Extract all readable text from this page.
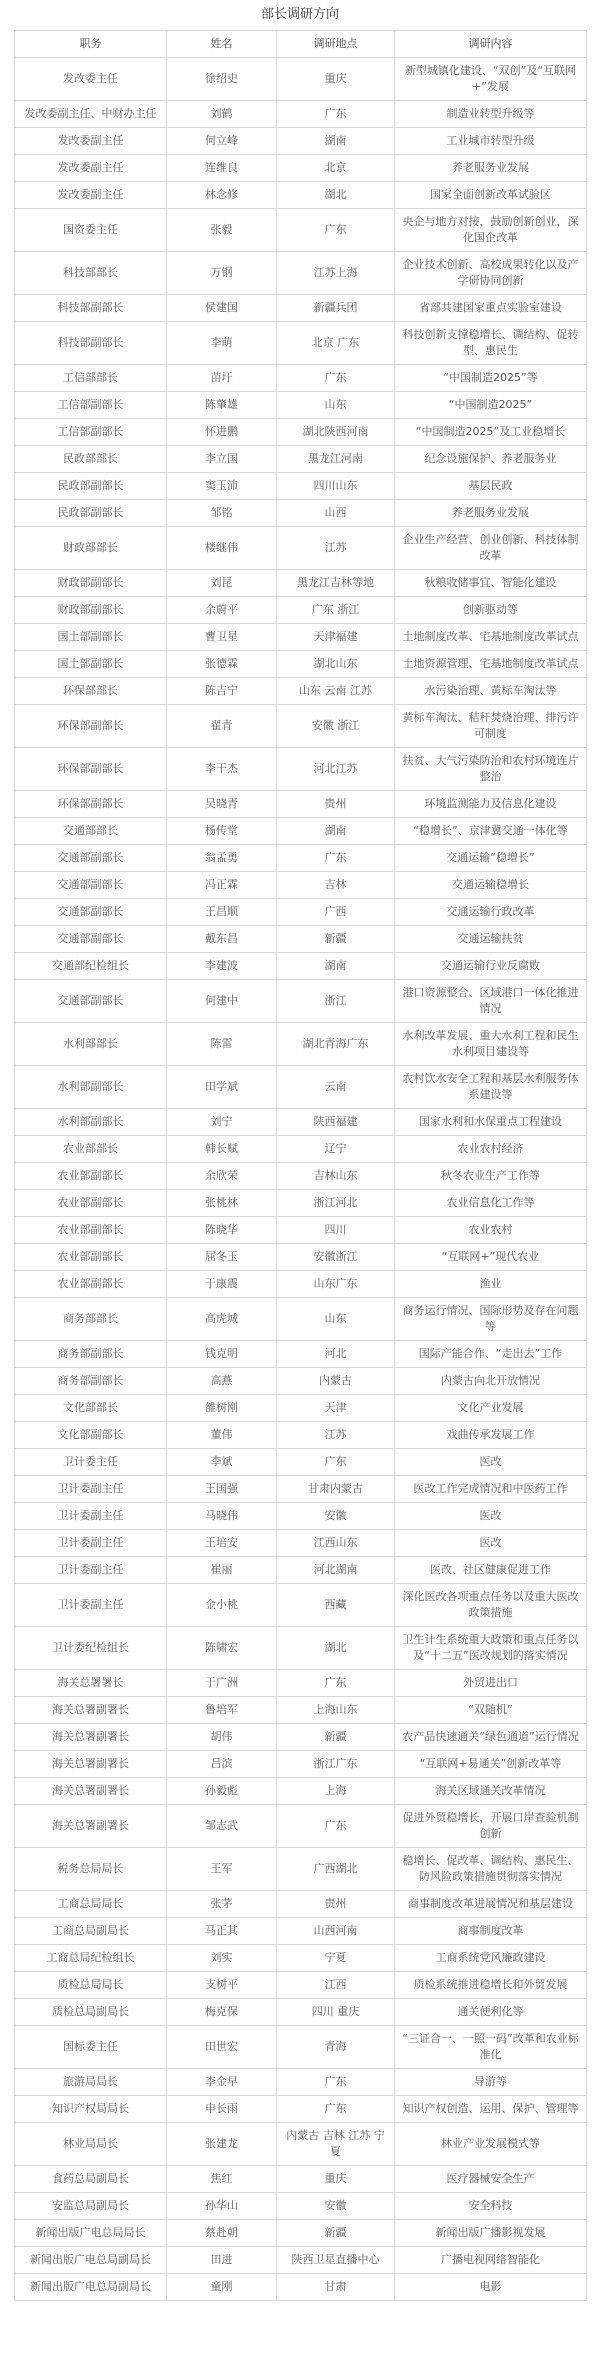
部长调研方向
职务	姓名	调研地点	调研内容
发改委主任	徐绍史	重庆	新型城镇化建设、“双创”及“互联网+”发展
发改委副主任、中财办主任	刘鹤	广东	制造业转型升级等
发改委副主任	何立峰	湖南	工业城市转型升级
发改委副主任	连维良	北京	养老服务业发展
发改委副主任	林念修	湖北	国家全面创新改革试验区
国资委主任	张毅	广东	央企与地方对接，鼓励创新创业，深化国企改革
科技部部长	万钢	江苏上海	企业技术创新、高校成果转化以及产学研协同创新
科技部副部长	侯建国	新疆兵团	省部共建国家重点实验室建设
科技部副部长	李萌	北京 广东	科技创新支撑稳增长、调结构、促转型、惠民生
工信部部长	苗圩	广东	“中国制造2025”等
工信部副部长	陈肇雄	山东	“中国制造2025”
工信部副部长	怀进鹏	湖北陕西河南	“中国制造2025”及工业稳增长
民政部部长	李立国	黑龙江河南	纪念设施保护、养老服务业
民政部副部长	窦玉沛	四川山东	基层民政
民政部副部长	邹铭	山西	养老服务业发展
财政部部长	楼继伟	江苏	企业生产经营、创业创新、科技体制改革
财政部副部长	刘昆	黑龙江吉林等地	秋粮收储事宜、智能化建设
财政部副部长	余蔚平	广东 浙江	创新驱动等
国土部副部长	曹卫星	天津福建	土地制度改革、宅基地制度改革试点
国土部副部长	张德霖	湖北山东	土地资源管理、宅基地制度改革试点
环保部部长	陈吉宁	山东 云南 江苏	水污染治理、黄标车淘汰等
环保部副部长	翟青	安徽 浙江	黄标车淘汰、秸秆焚烧治理、排污许可制度
环保部副部长	李干杰	河北江苏	扶贫、大气污染防治和农村环境连片整治
环保部副部长	吴晓青	贵州	环境监测能力及信息化建设
交通部部长	杨传堂	湖南	“稳增长”、京津冀交通一体化等
交通部副部长	翁孟勇	广东	交通运输“稳增长”
交通部副部长	冯正霖	吉林	交通运输稳增长
交通部副部长	王昌顺	广西	交通运输行政改革
交通部副部长	戴东昌	新疆	交通运输扶贫
交通部纪检组长	李建波	湖南	交通运输行业反腐败
交通部副部长	何建中	浙江	港口资源整合、区域港口一体化推进情况
水利部部长	陈雷	湖北青海广东	水利改革发展、重大水利工程和民生水利项目建设等
水利部副部长	田学斌	云南	农村饮水安全工程和基层水利服务体系建设等
水利部副部长	刘宁	陕西福建	国家水利和水保重点工程建设
农业部部长	韩长赋	辽宁	农业农村经济
农业部副部长	余欣荣	吉林山东	秋冬农业生产工作等
农业部副部长	张桃林	浙江河北	农业信息化工作等
农业部副部长	陈晓华	四川	农业农村
农业部副部长	屈冬玉	安徽浙江	“互联网+”现代农业
农业部副部长	于康震	山东广东	渔业
商务部部长	高虎城	山东	商务运行情况、国际形势及存在问题等
商务部副部长	钱克明	河北	国际产能合作、“走出去”工作
商务部副部长	高燕	内蒙古	内蒙古向北开放情况
文化部部长	雒树刚	天津	文化产业发展
文化部副部长	董伟	江苏	戏曲传承发展工作
卫计委主任	李斌	广东	医改
卫计委副主任	王国强	甘肃内蒙古	医改工作完成情况和中医药工作
卫计委副主任	马晓伟	安徽	医改
卫计委副主任	王培安	江西山东	医改
卫计委副主任	崔丽	河北湖南	医改、社区健康促进工作
卫计委副主任	金小桃	西藏	深化医改各项重点任务以及重大医改政策措施
卫计委纪检组长	陈啸宏	湖北	卫生计生系统重大政策和重点任务以及“十二五”医改规划的落实情况
海关总署署长	于广洲	广东	外贸进出口
海关总署副署长	鲁培军	上海山东	“双随机”
海关总署副署长	胡伟	新疆	农产品快速通关“绿色通道”运行情况
海关总署副署长	吕滨	浙江广东	“互联网+易通关”创新改革等
海关总署副署长	孙毅彪	上海	海关区域通关改革情况
海关总署副署长	邹志武	广东	促进外贸稳增长，开展口岸查验机制创新
税务总局局长	王军	广西湖北	稳增长、促改革、调结构、惠民生、防风险政策措施贯彻落实情况
工商总局局长	张茅	贵州	商事制度改革进展情况和基层建设
工商总局副局长	马正其	山西河南	商事制度改革
工商总局纪检组长	刘实	宁夏	工商系统党风廉政建设
质检总局局长	支树平	江西	质检系统推进稳增长和外贸发展
质检总局副局长	梅克保	四川 重庆	通关便利化等
国标委主任	田世宏	青海	“三证合一、一照一码”改革和农业标准化
旅游局局长	李金早	广东	导游等
知识产权局局长	申长雨	广东	知识产权创造、运用、保护、管理等
林业局局长	张建龙	内蒙古 吉林 江苏 宁夏	林业产业发展模式等
食药总局副局长	焦红	重庆	医疗器械安全生产
安监总局副局长	孙华山	安徽	安全科技
新闻出版广电总局局长	蔡赴朝	新疆	新闻出版广播影视发展
新闻出版广电总局副局长	田进	陕西卫星直播中心	广播电视网络智能化
新闻出版广电总局副局长	童刚	甘肃	电影
